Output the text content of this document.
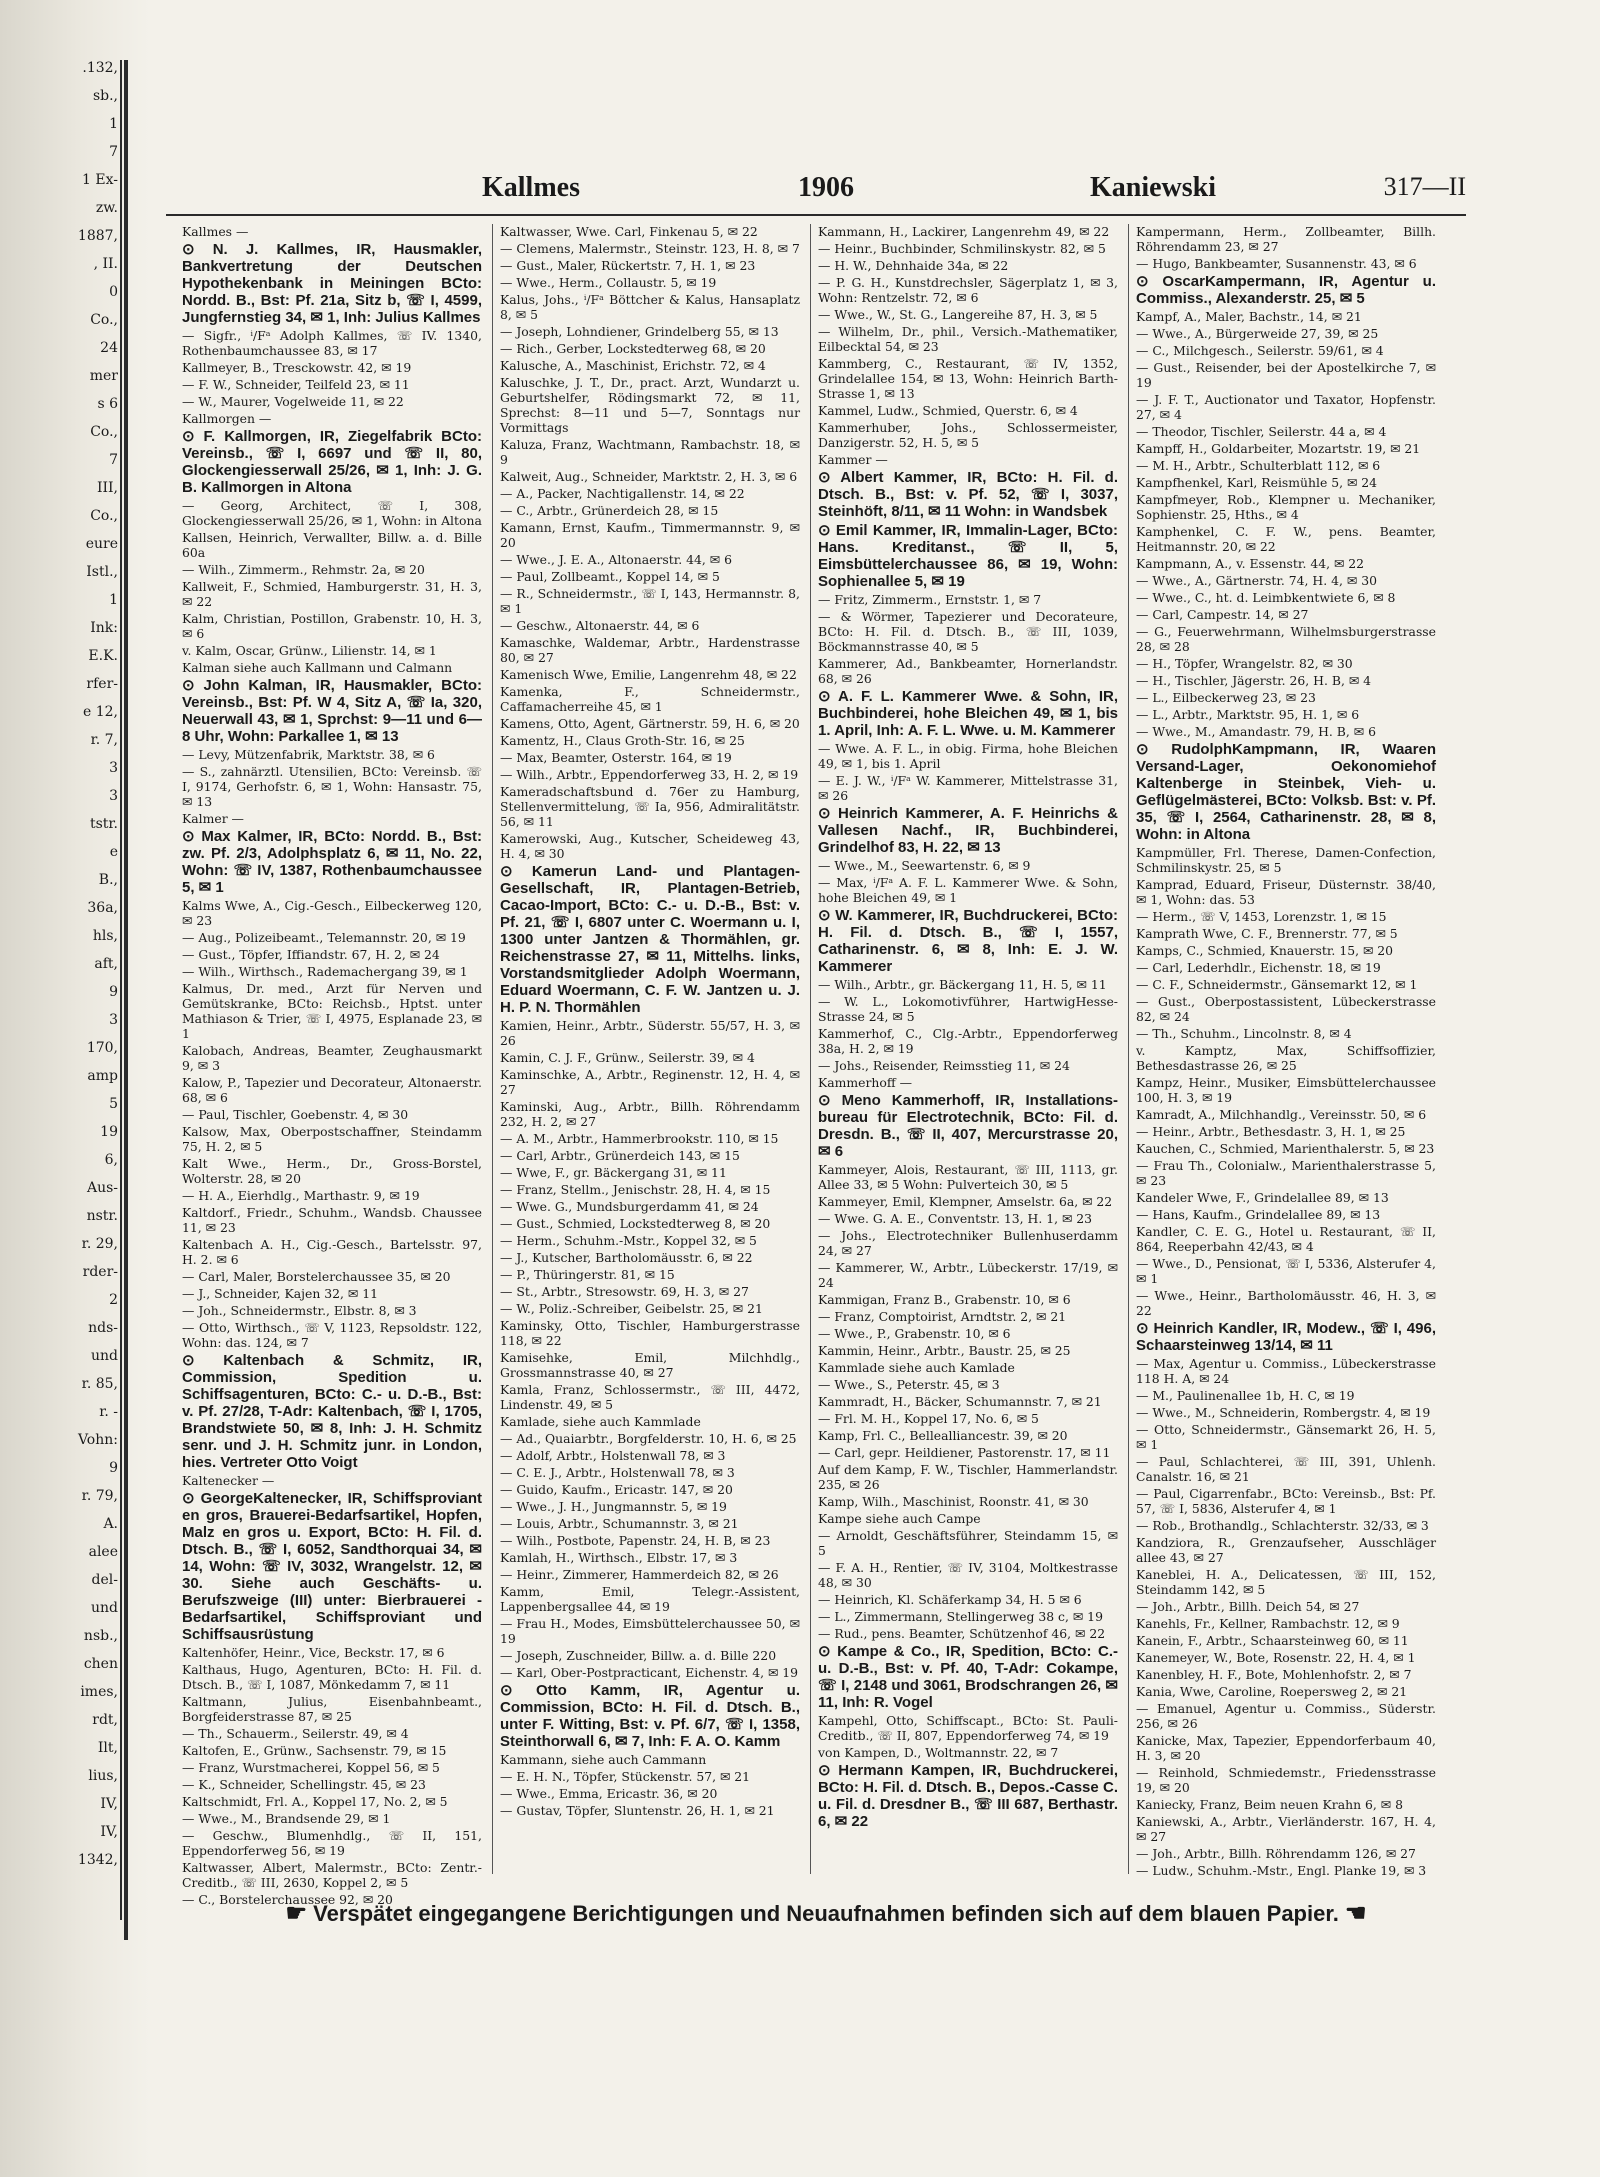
.132,
sb.,
1
7
1 Ex-
zw.
1887,
, II.
0
Co.,
24
mer
s 6
Co.,
7
III,
Co.,
eure
Istl.,
1
Ink:
E.K.
rfer-
e 12,
r. 7,
3
3
tstr.
e
B.,
36a,
hls,
aft,
9
3
170,
amp
5
19
6,
Aus-
nstr.
r. 29,
rder-
2
nds-
und
r. 85,
r. -
Vohn:
9
r. 79,
A.
alee
del-
und
nsb.,
chen
imes,
rdt,
Ilt,
lius,
IV,
IV,
1342,
Kallmes	1906	Kaniewski	317—II
Kallmes —
⊙ N. J. Kallmes, IR, Hausmakler, Bankvertretung der Deutschen Hypothekenbank in Meiningen BCto: Nordd. B., Bst: Pf. 21a, Sitz b, ☏ I, 4599, Jungfernstieg 34, ✉ 1, Inh: Julius Kallmes
— Sigfr., ⁱ/Fᵃ Adolph Kallmes, ☏ IV. 1340, Rothenbaumchaussee 83, ✉ 17
Kallmeyer, B., Tresckowstr. 42, ✉ 19
— F. W., Schneider, Teilfeld 23, ✉ 11
— W., Maurer, Vogelweide 11, ✉ 22
Kallmorgen —
⊙ F. Kallmorgen, IR, Ziegelfabrik BCto: Vereinsb., ☏ I, 6697 und ☏ II, 80, Glockengiesserwall 25/26, ✉ 1, Inh: J. G. B. Kallmorgen in Altona
— Georg, Architect, ☏ I, 308, Glockengiesserwall 25/26, ✉ 1, Wohn: in Altona
Kallsen, Heinrich, Verwallter, Billw. a. d. Bille 60a
— Wilh., Zimmerm., Rehmstr. 2a, ✉ 20
Kallweit, F., Schmied, Hamburgerstr. 31, H. 3, ✉ 22
Kalm, Christian, Postillon, Grabenstr. 10, H. 3, ✉ 6
v. Kalm, Oscar, Grünw., Lilienstr. 14, ✉ 1
Kalman siehe auch Kallmann und Calmann
⊙ John Kalman, IR, Hausmakler, BCto: Vereinsb., Bst: Pf. W 4, Sitz A, ☏ Ia, 320, Neuerwall 43, ✉ 1, Sprchst: 9—11 und 6—8 Uhr, Wohn: Parkallee 1, ✉ 13
— Levy, Mützenfabrik, Marktstr. 38, ✉ 6
— S., zahnärztl. Utensilien, BCto: Vereinsb. ☏ I, 9174, Gerhofstr. 6, ✉ 1, Wohn: Hansastr. 75, ✉ 13
Kalmer —
⊙ Max Kalmer, IR, BCto: Nordd. B., Bst: zw. Pf. 2/3, Adolphsplatz 6, ✉ 11, No. 22, Wohn: ☏ IV, 1387, Rothenbaumchaussee 5, ✉ 1
Kalms Wwe, A., Cig.-Gesch., Eilbeckerweg 120, ✉ 23
— Aug., Polizeibeamt., Telemannstr. 20, ✉ 19
— Gust., Töpfer, Iffiandstr. 67, H. 2, ✉ 24
— Wilh., Wirthsch., Rademachergang 39, ✉ 1
Kalmus, Dr. med., Arzt für Nerven und Gemütskranke, BCto: Reichsb., Hptst. unter Mathiason & Trier, ☏ I, 4975, Esplanade 23, ✉ 1
Kalobach, Andreas, Beamter, Zeughausmarkt 9, ✉ 3
Kalow, P., Tapezier und Decorateur, Altonaerstr. 68, ✉ 6
— Paul, Tischler, Goebenstr. 4, ✉ 30
Kalsow, Max, Oberpostschaffner, Steindamm 75, H. 2, ✉ 5
Kalt Wwe., Herm., Dr., Gross-Borstel, Wolterstr. 28, ✉ 20
— H. A., Eierhdlg., Marthastr. 9, ✉ 19
Kaltdorf., Friedr., Schuhm., Wandsb. Chaussee 11, ✉ 23
Kaltenbach A. H., Cig.-Gesch., Bartelsstr. 97, H. 2. ✉ 6
— Carl, Maler, Borstelerchaussee 35, ✉ 20
— J., Schneider, Kajen 32, ✉ 11
— Joh., Schneidermstr., Elbstr. 8, ✉ 3
— Otto, Wirthsch., ☏ V, 1123, Repsoldstr. 122, Wohn: das. 124, ✉ 7
⊙ Kaltenbach & Schmitz, IR, Commission, Spedition u. Schiffsagenturen, BCto: C.- u. D.-B., Bst: v. Pf. 27/28, T-Adr: Kaltenbach, ☏ I, 1705, Brandstwiete 50, ✉ 8, Inh: J. H. Schmitz senr. und J. H. Schmitz junr. in London, hies. Vertreter Otto Voigt
Kaltenecker —
⊙ GeorgeKaltenecker, IR, Schiffsproviant en gros, Brauerei-Bedarfsartikel, Hopfen, Malz en gros u. Export, BCto: H. Fil. d. Dtsch. B., ☏ I, 6052, Sandthorquai 34, ✉ 14, Wohn: ☏ IV, 3032, Wrangelstr. 12, ✉ 30. Siehe auch Geschäfts- u. Berufszweige (III) unter: Bierbrauerei - Bedarfsartikel, Schiffsproviant und Schiffsausrüstung
Kaltenhöfer, Heinr., Vice, Beckstr. 17, ✉ 6
Kalthaus, Hugo, Agenturen, BCto: H. Fil. d. Dtsch. B., ☏ I, 1087, Mönkedamm 7, ✉ 11
Kaltmann, Julius, Eisenbahnbeamt., Borgfeiderstrasse 87, ✉ 25
— Th., Schauerm., Seilerstr. 49, ✉ 4
Kaltofen, E., Grünw., Sachsenstr. 79, ✉ 15
— Franz, Wurstmacherei, Koppel 56, ✉ 5
— K., Schneider, Schellingstr. 45, ✉ 23
Kaltschmidt, Frl. A., Koppel 17, No. 2, ✉ 5
— Wwe., M., Brandsende 29, ✉ 1
— Geschw., Blumenhdlg., ☏ II, 151, Eppendorferweg 56, ✉ 19
Kaltwasser, Albert, Malermstr., BCto: Zentr.-Creditb., ☏ III, 2630, Koppel 2, ✉ 5
— C., Borstelerchaussee 92, ✉ 20
Kaltwasser, Wwe. Carl, Finkenau 5, ✉ 22
— Clemens, Malermstr., Steinstr. 123, H. 8, ✉ 7
— Gust., Maler, Rückertstr. 7, H. 1, ✉ 23
— Wwe., Herm., Collaustr. 5, ✉ 19
Kalus, Johs., ⁱ/Fᵃ Böttcher & Kalus, Hansaplatz 8, ✉ 5
— Joseph, Lohndiener, Grindelberg 55, ✉ 13
— Rich., Gerber, Lockstedterweg 68, ✉ 20
Kalusche, A., Maschinist, Erichstr. 72, ✉ 4
Kaluschke, J. T., Dr., pract. Arzt, Wundarzt u. Geburtshelfer, Rödingsmarkt 72, ✉ 11, Sprechst: 8—11 und 5—7, Sonntags nur Vormittags
Kaluza, Franz, Wachtmann, Rambachstr. 18, ✉ 9
Kalweit, Aug., Schneider, Marktstr. 2, H. 3, ✉ 6
— A., Packer, Nachtigallenstr. 14, ✉ 22
— C., Arbtr., Grünerdeich 28, ✉ 15
Kamann, Ernst, Kaufm., Timmermannstr. 9, ✉ 20
— Wwe., J. E. A., Altonaerstr. 44, ✉ 6
— Paul, Zollbeamt., Koppel 14, ✉ 5
— R., Schneidermstr., ☏ I, 143, Hermannstr. 8, ✉ 1
— Geschw., Altonaerstr. 44, ✉ 6
Kamaschke, Waldemar, Arbtr., Hardenstrasse 80, ✉ 27
Kamenisch Wwe, Emilie, Langenrehm 48, ✉ 22
Kamenka, F., Schneidermstr., Caffamacherreihe 45, ✉ 1
Kamens, Otto, Agent, Gärtnerstr. 59, H. 6, ✉ 20
Kamentz, H., Claus Groth-Str. 16, ✉ 25
— Max, Beamter, Osterstr. 164, ✉ 19
— Wilh., Arbtr., Eppendorferweg 33, H. 2, ✉ 19
Kameradschaftsbund d. 76er zu Hamburg, Stellenvermittelung, ☏ Ia, 956, Admiralitätstr. 56, ✉ 11
Kamerowski, Aug., Kutscher, Scheideweg 43, H. 4, ✉ 30
⊙ Kamerun Land- und Plantagen-Gesellschaft, IR, Plantagen-Betrieb, Cacao-Import, BCto: C.- u. D.-B., Bst: v. Pf. 21, ☏ I, 6807 unter C. Woermann u. I, 1300 unter Jantzen & Thormählen, gr. Reichenstrasse 27, ✉ 11, Mittelhs. links, Vorstandsmitglieder Adolph Woermann, Eduard Woermann, C. F. W. Jantzen u. J. H. P. N. Thormählen
Kamien, Heinr., Arbtr., Süderstr. 55/57, H. 3, ✉ 26
Kamin, C. J. F., Grünw., Seilerstr. 39, ✉ 4
Kaminschke, A., Arbtr., Reginenstr. 12, H. 4, ✉ 27
Kaminski, Aug., Arbtr., Billh. Röhrendamm 232, H. 2, ✉ 27
— A. M., Arbtr., Hammerbrookstr. 110, ✉ 15
— Carl, Arbtr., Grünerdeich 143, ✉ 15
— Wwe, F., gr. Bäckergang 31, ✉ 11
— Franz, Stellm., Jenischstr. 28, H. 4, ✉ 15
— Wwe. G., Mundsburgerdamm 41, ✉ 24
— Gust., Schmied, Lockstedterweg 8, ✉ 20
— Herm., Schuhm.-Mstr., Koppel 32, ✉ 5
— J., Kutscher, Bartholomäusstr. 6, ✉ 22
— P., Thüringerstr. 81, ✉ 15
— St., Arbtr., Stresowstr. 69, H. 3, ✉ 27
— W., Poliz.-Schreiber, Geibelstr. 25, ✉ 21
Kaminsky, Otto, Tischler, Hamburgerstrasse 118, ✉ 22
Kamisehke, Emil, Milchhdlg., Grossmannstrasse 40, ✉ 27
Kamla, Franz, Schlossermstr., ☏ III, 4472, Lindenstr. 49, ✉ 5
Kamlade, siehe auch Kammlade
— Ad., Quaiarbtr., Borgfelderstr. 10, H. 6, ✉ 25
— Adolf, Arbtr., Holstenwall 78, ✉ 3
— C. E. J., Arbtr., Holstenwall 78, ✉ 3
— Guido, Kaufm., Ericastr. 147, ✉ 20
— Wwe., J. H., Jungmannstr. 5, ✉ 19
— Louis, Arbtr., Schumannstr. 3, ✉ 21
— Wilh., Postbote, Papenstr. 24, H. B, ✉ 23
Kamlah, H., Wirthsch., Elbstr. 17, ✉ 3
— Heinr., Zimmerer, Hammerdeich 82, ✉ 26
Kamm, Emil, Telegr.-Assistent, Lappenbergsallee 44, ✉ 19
— Frau H., Modes, Eimsbüttelerchaussee 50, ✉ 19
— Joseph, Zuschneider, Billw. a. d. Bille 220
— Karl, Ober-Postpracticant, Eichenstr. 4, ✉ 19
⊙ Otto Kamm, IR, Agentur u. Commission, BCto: H. Fil. d. Dtsch. B., unter F. Witting, Bst: v. Pf. 6/7, ☏ I, 1358, Steinthorwall 6, ✉ 7, Inh: F. A. O. Kamm
Kammann, siehe auch Cammann
— E. H. N., Töpfer, Stückenstr. 57, ✉ 21
— Wwe., Emma, Ericastr. 36, ✉ 20
— Gustav, Töpfer, Sluntenstr. 26, H. 1, ✉ 21
Kammann, H., Lackirer, Langenrehm 49, ✉ 22
— Heinr., Buchbinder, Schmilinskystr. 82, ✉ 5
— H. W., Dehnhaide 34a, ✉ 22
— P. G. H., Kunstdrechsler, Sägerplatz 1, ✉ 3, Wohn: Rentzelstr. 72, ✉ 6
— Wwe., W., St. G., Langereihe 87, H. 3, ✉ 5
— Wilhelm, Dr., phil., Versich.-Mathematiker, Eilbecktal 54, ✉ 23
Kammberg, C., Restaurant, ☏ IV, 1352, Grindelallee 154, ✉ 13, Wohn: Heinrich Barth-Strasse 1, ✉ 13
Kammel, Ludw., Schmied, Querstr. 6, ✉ 4
Kammerhuber, Johs., Schlossermeister, Danzigerstr. 52, H. 5, ✉ 5
Kammer —
⊙ Albert Kammer, IR, BCto: H. Fil. d. Dtsch. B., Bst: v. Pf. 52, ☏ I, 3037, Steinhöft, 8/11, ✉ 11 Wohn: in Wandsbek
⊙ Emil Kammer, IR, Immalin-Lager, BCto: Hans. Kreditanst., ☏ II, 5, Eimsbüttelerchaussee 86, ✉ 19, Wohn: Sophienallee 5, ✉ 19
— Fritz, Zimmerm., Ernststr. 1, ✉ 7
— & Wörmer, Tapezierer und Decorateure, BCto: H. Fil. d. Dtsch. B., ☏ III, 1039, Böckmannstrasse 40, ✉ 5
Kammerer, Ad., Bankbeamter, Hornerlandstr. 68, ✉ 26
⊙ A. F. L. Kammerer Wwe. & Sohn, IR, Buchbinderei, hohe Bleichen 49, ✉ 1, bis 1. April, Inh: A. F. L. Wwe. u. M. Kammerer
— Wwe. A. F. L., in obig. Firma, hohe Bleichen 49, ✉ 1, bis 1. April
— E. J. W., ⁱ/Fᵃ W. Kammerer, Mittelstrasse 31, ✉ 26
⊙ Heinrich Kammerer, A. F. Heinrichs & Vallesen Nachf., IR, Buchbinderei, Grindelhof 83, H. 22, ✉ 13
— Wwe., M., Seewartenstr. 6, ✉ 9
— Max, ⁱ/Fᵃ A. F. L. Kammerer Wwe. & Sohn, hohe Bleichen 49, ✉ 1
⊙ W. Kammerer, IR, Buchdruckerei, BCto: H. Fil. d. Dtsch. B., ☏ I, 1557, Catharinenstr. 6, ✉ 8, Inh: E. J. W. Kammerer
— Wilh., Arbtr., gr. Bäckergang 11, H. 5, ✉ 11
— W. L., Lokomotivführer, HartwigHesse-Strasse 24, ✉ 5
Kammerhof, C., Clg.-Arbtr., Eppendorferweg 38a, H. 2, ✉ 19
— Johs., Reisender, Reimsstieg 11, ✉ 24
Kammerhoff —
⊙ Meno Kammerhoff, IR, Installations-bureau für Electrotechnik, BCto: Fil. d. Dresdn. B., ☏ II, 407, Mercurstrasse 20, ✉ 6
Kammeyer, Alois, Restaurant, ☏ III, 1113, gr. Allee 33, ✉ 5 Wohn: Pulverteich 30, ✉ 5
Kammeyer, Emil, Klempner, Amselstr. 6a, ✉ 22
— Wwe. G. A. E., Conventstr. 13, H. 1, ✉ 23
— Johs., Electrotechniker Bullenhuserdamm 24, ✉ 27
— Kammerer, W., Arbtr., Lübeckerstr. 17/19, ✉ 24
Kammigan, Franz B., Grabenstr. 10, ✉ 6
— Franz, Comptoirist, Arndtstr. 2, ✉ 21
— Wwe., P., Grabenstr. 10, ✉ 6
Kammin, Heinr., Arbtr., Baustr. 25, ✉ 25
Kammlade siehe auch Kamlade
— Wwe., S., Peterstr. 45, ✉ 3
Kammradt, H., Bäcker, Schumannstr. 7, ✉ 21
— Frl. M. H., Koppel 17, No. 6, ✉ 5
Kamp, Frl. C., Belleallianсestr. 39, ✉ 20
— Carl, gepr. Heildiener, Pastorenstr. 17, ✉ 11
Auf dem Kamp, F. W., Tischler, Hammerlandstr. 235, ✉ 26
Kamp, Wilh., Maschinist, Roonstr. 41, ✉ 30
Kampe siehe auch Campe
— Arnoldt, Geschäftsführer, Steindamm 15, ✉ 5
— F. A. H., Rentier, ☏ IV, 3104, Moltkestrasse 48, ✉ 30
— Heinrich, Kl. Schäferkamp 34, H. 5 ✉ 6
— L., Zimmermann, Stellingerweg 38 c, ✉ 19
— Rud., pens. Beamter, Schützenhof 46, ✉ 22
⊙ Kampe & Co., IR, Spedition, BCto: C.- u. D.-B., Bst: v. Pf. 40, T-Adr: Cokampe, ☏ I, 2148 und 3061, Brodschrangen 26, ✉ 11, Inh: R. Vogel
Kampehl, Otto, Schiffscapt., BCto: St. Pauli-Creditb., ☏ II, 807, Eppendorferweg 74, ✉ 19
von Kampen, D., Woltmannstr. 22, ✉ 7
⊙ Hermann Kampen, IR, Buchdruckerei, BCto: H. Fil. d. Dtsch. B., Depos.-Casse C. u. Fil. d. Dresdner B., ☏ III 687, Berthastr. 6, ✉ 22
Kampermann, Herm., Zollbeamter, Billh. Röhrendamm 23, ✉ 27
— Hugo, Bankbeamter, Susannenstr. 43, ✉ 6
⊙ OscarKampermann, IR, Agentur u. Commiss., Alexanderstr. 25, ✉ 5
Kampf, A., Maler, Bachstr., 14, ✉ 21
— Wwe., A., Bürgerweide 27, 39, ✉ 25
— C., Milchgesch., Seilerstr. 59/61, ✉ 4
— Gust., Reisender, bei der Apostelkirche 7, ✉ 19
— J. F. T., Auctionator und Taxator, Hopfenstr. 27, ✉ 4
— Theodor, Tischler, Seilerstr. 44 a, ✉ 4
Kampff, H., Goldarbeiter, Mozartstr. 19, ✉ 21
— M. H., Arbtr., Schulterblatt 112, ✉ 6
Kampfhenkel, Karl, Reismühle 5, ✉ 24
Kampfmeyer, Rob., Klempner u. Mechaniker, Sophienstr. 25, Hths., ✉ 4
Kamphenkel, C. F. W., pens. Beamter, Heitmannstr. 20, ✉ 22
Kampmann, A., v. Essenstr. 44, ✉ 22
— Wwe., A., Gärtnerstr. 74, H. 4, ✉ 30
— Wwe., C., ht. d. Leimbkentwiete 6, ✉ 8
— Carl, Campestr. 14, ✉ 27
— G., Feuerwehrmann, Wilhelmsburgerstrasse 28, ✉ 28
— H., Töpfer, Wrangelstr. 82, ✉ 30
— H., Tischler, Jägerstr. 26, H. B, ✉ 4
— L., Eilbeckerweg 23, ✉ 23
— L., Arbtr., Marktstr. 95, H. 1, ✉ 6
— Wwe., M., Amandastr. 79, H. B, ✉ 6
⊙ RudolphKampmann, IR, Waaren Versand-Lager, Oekonomiehof Kaltenberge in Steinbek, Vieh- u. Geflügelmästerei, BCto: Volksb. Bst: v. Pf. 35, ☏ I, 2564, Catharinenstr. 28, ✉ 8, Wohn: in Altona
Kampmüller, Frl. Therese, Damen-Confection, Schmilinskystr. 25, ✉ 5
Kamprad, Eduard, Friseur, Düsternstr. 38/40, ✉ 1, Wohn: das. 53
— Herm., ☏ V, 1453, Lorenzstr. 1, ✉ 15
Kamprath Wwe, C. F., Brennerstr. 77, ✉ 5
Kamps, C., Schmied, Knauerstr. 15, ✉ 20
— Carl, Lederhdlr., Eichenstr. 18, ✉ 19
— C. F., Schneidermstr., Gänsemarkt 12, ✉ 1
— Gust., Oberpostassistent, Lübeckerstrasse 82, ✉ 24
— Th., Schuhm., Lincolnstr. 8, ✉ 4
v. Kamptz, Max, Schiffsoffizier, Bethesdastrasse 26, ✉ 25
Kampz, Heinr., Musiker, Eimsbüttelerchaussee 100, H. 3, ✉ 19
Kamradt, A., Milchhandlg., Vereinsstr. 50, ✉ 6
— Heinr., Arbtr., Bethesdastr. 3, H. 1, ✉ 25
Kauchen, C., Schmied, Marienthalerstr. 5, ✉ 23
— Frau Th., Colonialw., Marienthalerstrasse 5, ✉ 23
Kandeler Wwe, F., Grindelallee 89, ✉ 13
— Hans, Kaufm., Grindelallee 89, ✉ 13
Kandler, C. E. G., Hotel u. Restaurant, ☏ II, 864, Reeperbahn 42/43, ✉ 4
— Wwe., D., Pensionat, ☏ I, 5336, Alsterufer 4, ✉ 1
— Wwe., Heinr., Bartholomäusstr. 46, H. 3, ✉ 22
⊙ Heinrich Kandler, IR, Modew., ☏ I, 496, Schaarsteinweg 13/14, ✉ 11
— Max, Agentur u. Commiss., Lübeckerstrasse 118 H. A, ✉ 24
— M., Paulinenallee 1b, H. C, ✉ 19
— Wwe., M., Schneiderin, Rombergstr. 4, ✉ 19
— Otto, Schneidermstr., Gänsemarkt 26, H. 5, ✉ 1
— Paul, Schlachterei, ☏ III, 391, Uhlenh. Canalstr. 16, ✉ 21
— Paul, Cigarrenfabr., BCto: Vereinsb., Bst: Pf. 57, ☏ I, 5836, Alsterufer 4, ✉ 1
— Rob., Brothandlg., Schlachterstr. 32/33, ✉ 3
Kandziora, R., Grenzaufseher, Ausschläger allee 43, ✉ 27
Kaneblei, H. A., Delicatessen, ☏ III, 152, Steindamm 142, ✉ 5
— Joh., Arbtr., Billh. Deich 54, ✉ 27
Kanehls, Fr., Kellner, Rambachstr. 12, ✉ 9
Kanein, F., Arbtr., Schaarsteinweg 60, ✉ 11
Kanemeyer, W., Bote, Rosenstr. 22, H. 4, ✉ 1
Kanenbley, H. F., Bote, Mohlenhofstr. 2, ✉ 7
Kania, Wwe, Caroline, Roepersweg 2, ✉ 21
— Emanuel, Agentur u. Commiss., Süderstr. 256, ✉ 26
Kanicke, Max, Tapezier, Eppendorferbaum 40, H. 3, ✉ 20
— Reinhold, Schmiedemstr., Friedensstrasse 19, ✉ 20
Kaniecky, Franz, Beim neuen Krahn 6, ✉ 8
Kaniewski, A., Arbtr., Vierländerstr. 167, H. 4, ✉ 27
— Joh., Arbtr., Billh. Röhrendamm 126, ✉ 27
— Ludw., Schuhm.-Mstr., Engl. Planke 19, ✉ 3
☛ Verspätet eingegangene Berichtigungen und Neuaufnahmen befinden sich auf dem blauen Papier. ☚
